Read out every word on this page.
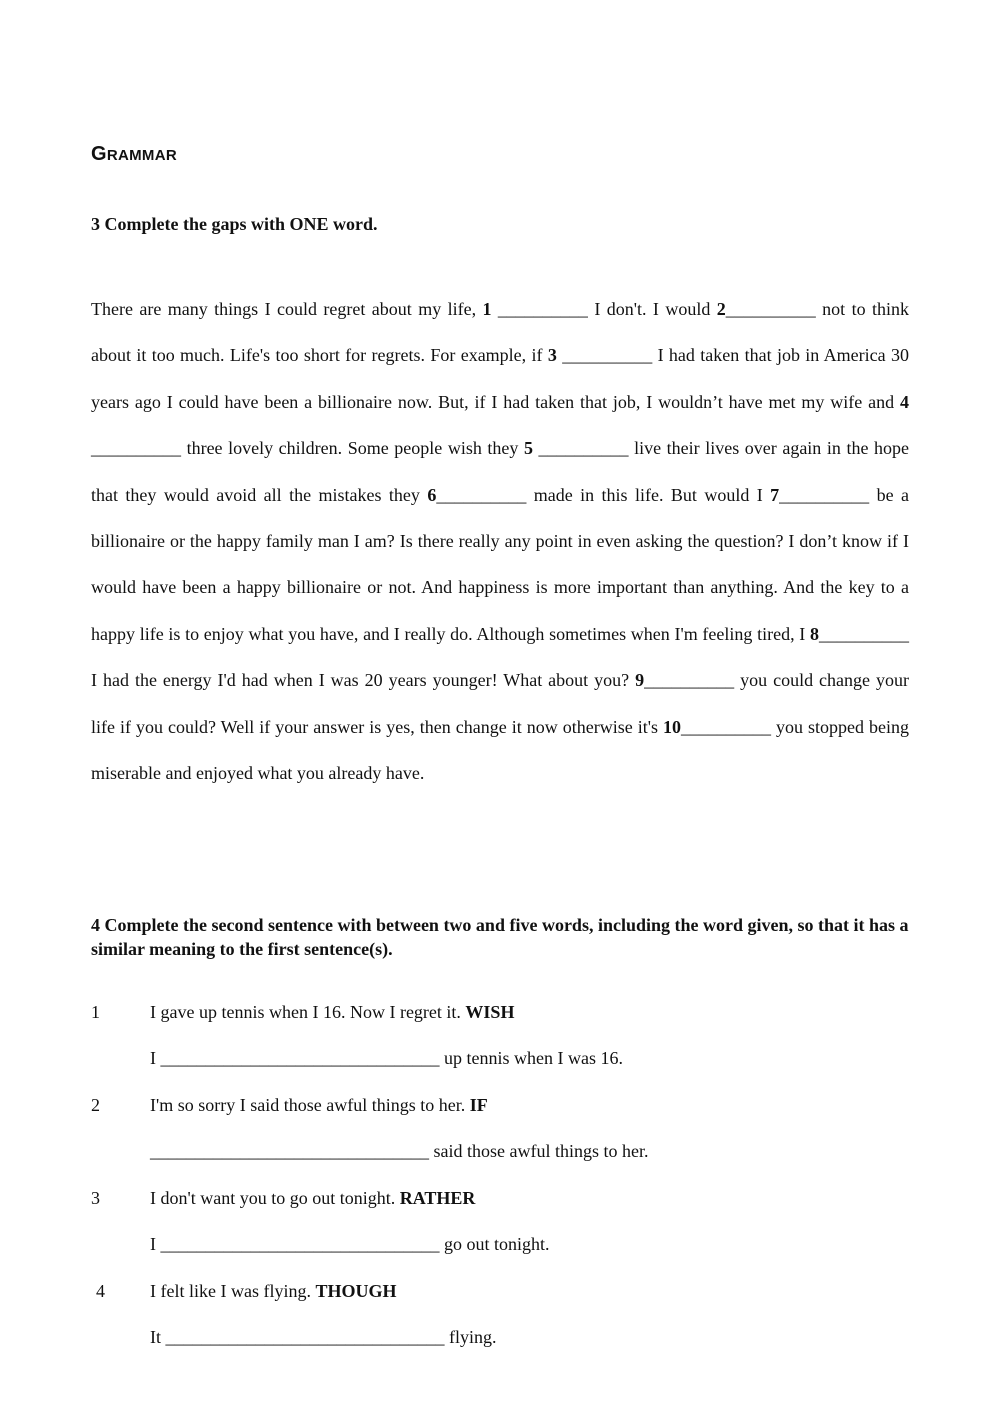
GRAMMAR
3 Complete the gaps with ONE word.
There are many things I could regret about my life, 1 __________ I don't. I would 2__________ not to think about it too much. Life's too short for regrets. For example, if 3 __________ I had taken that job in America 30 years ago I could have been a billionaire now. But, if I had taken that job, I wouldn’t have met my wife and 4 __________ three lovely children. Some people wish they 5 __________ live their lives over again in the hope that they would avoid all the mistakes they 6__________ made in this life. But would I 7__________ be a billionaire or the happy family man I am? Is there really any point in even asking the question? I don’t know if I would have been a happy billionaire or not. And happiness is more important than anything. And the key to a happy life is to enjoy what you have, and I really do. Although sometimes when I'm feeling tired, I 8__________ I had the energy I'd had when I was 20 years younger! What about you? 9__________ you could change your life if you could? Well if your answer is yes, then change it now otherwise it's 10__________ you stopped being miserable and enjoyed what you already have.
4 Complete the second sentence with between two and five words, including the word given, so that it has a similar meaning to the first sentence(s).
1	I gave up tennis when I 16. Now I regret it. WISH
I _______________________________ up tennis when I was 16.
2	I'm so sorry I said those awful things to her. IF
_______________________________ said those awful things to her.
3	I don't want you to go out tonight. RATHER
I _______________________________ go out tonight.
4	I felt like I was flying. THOUGH
It _______________________________ flying.
